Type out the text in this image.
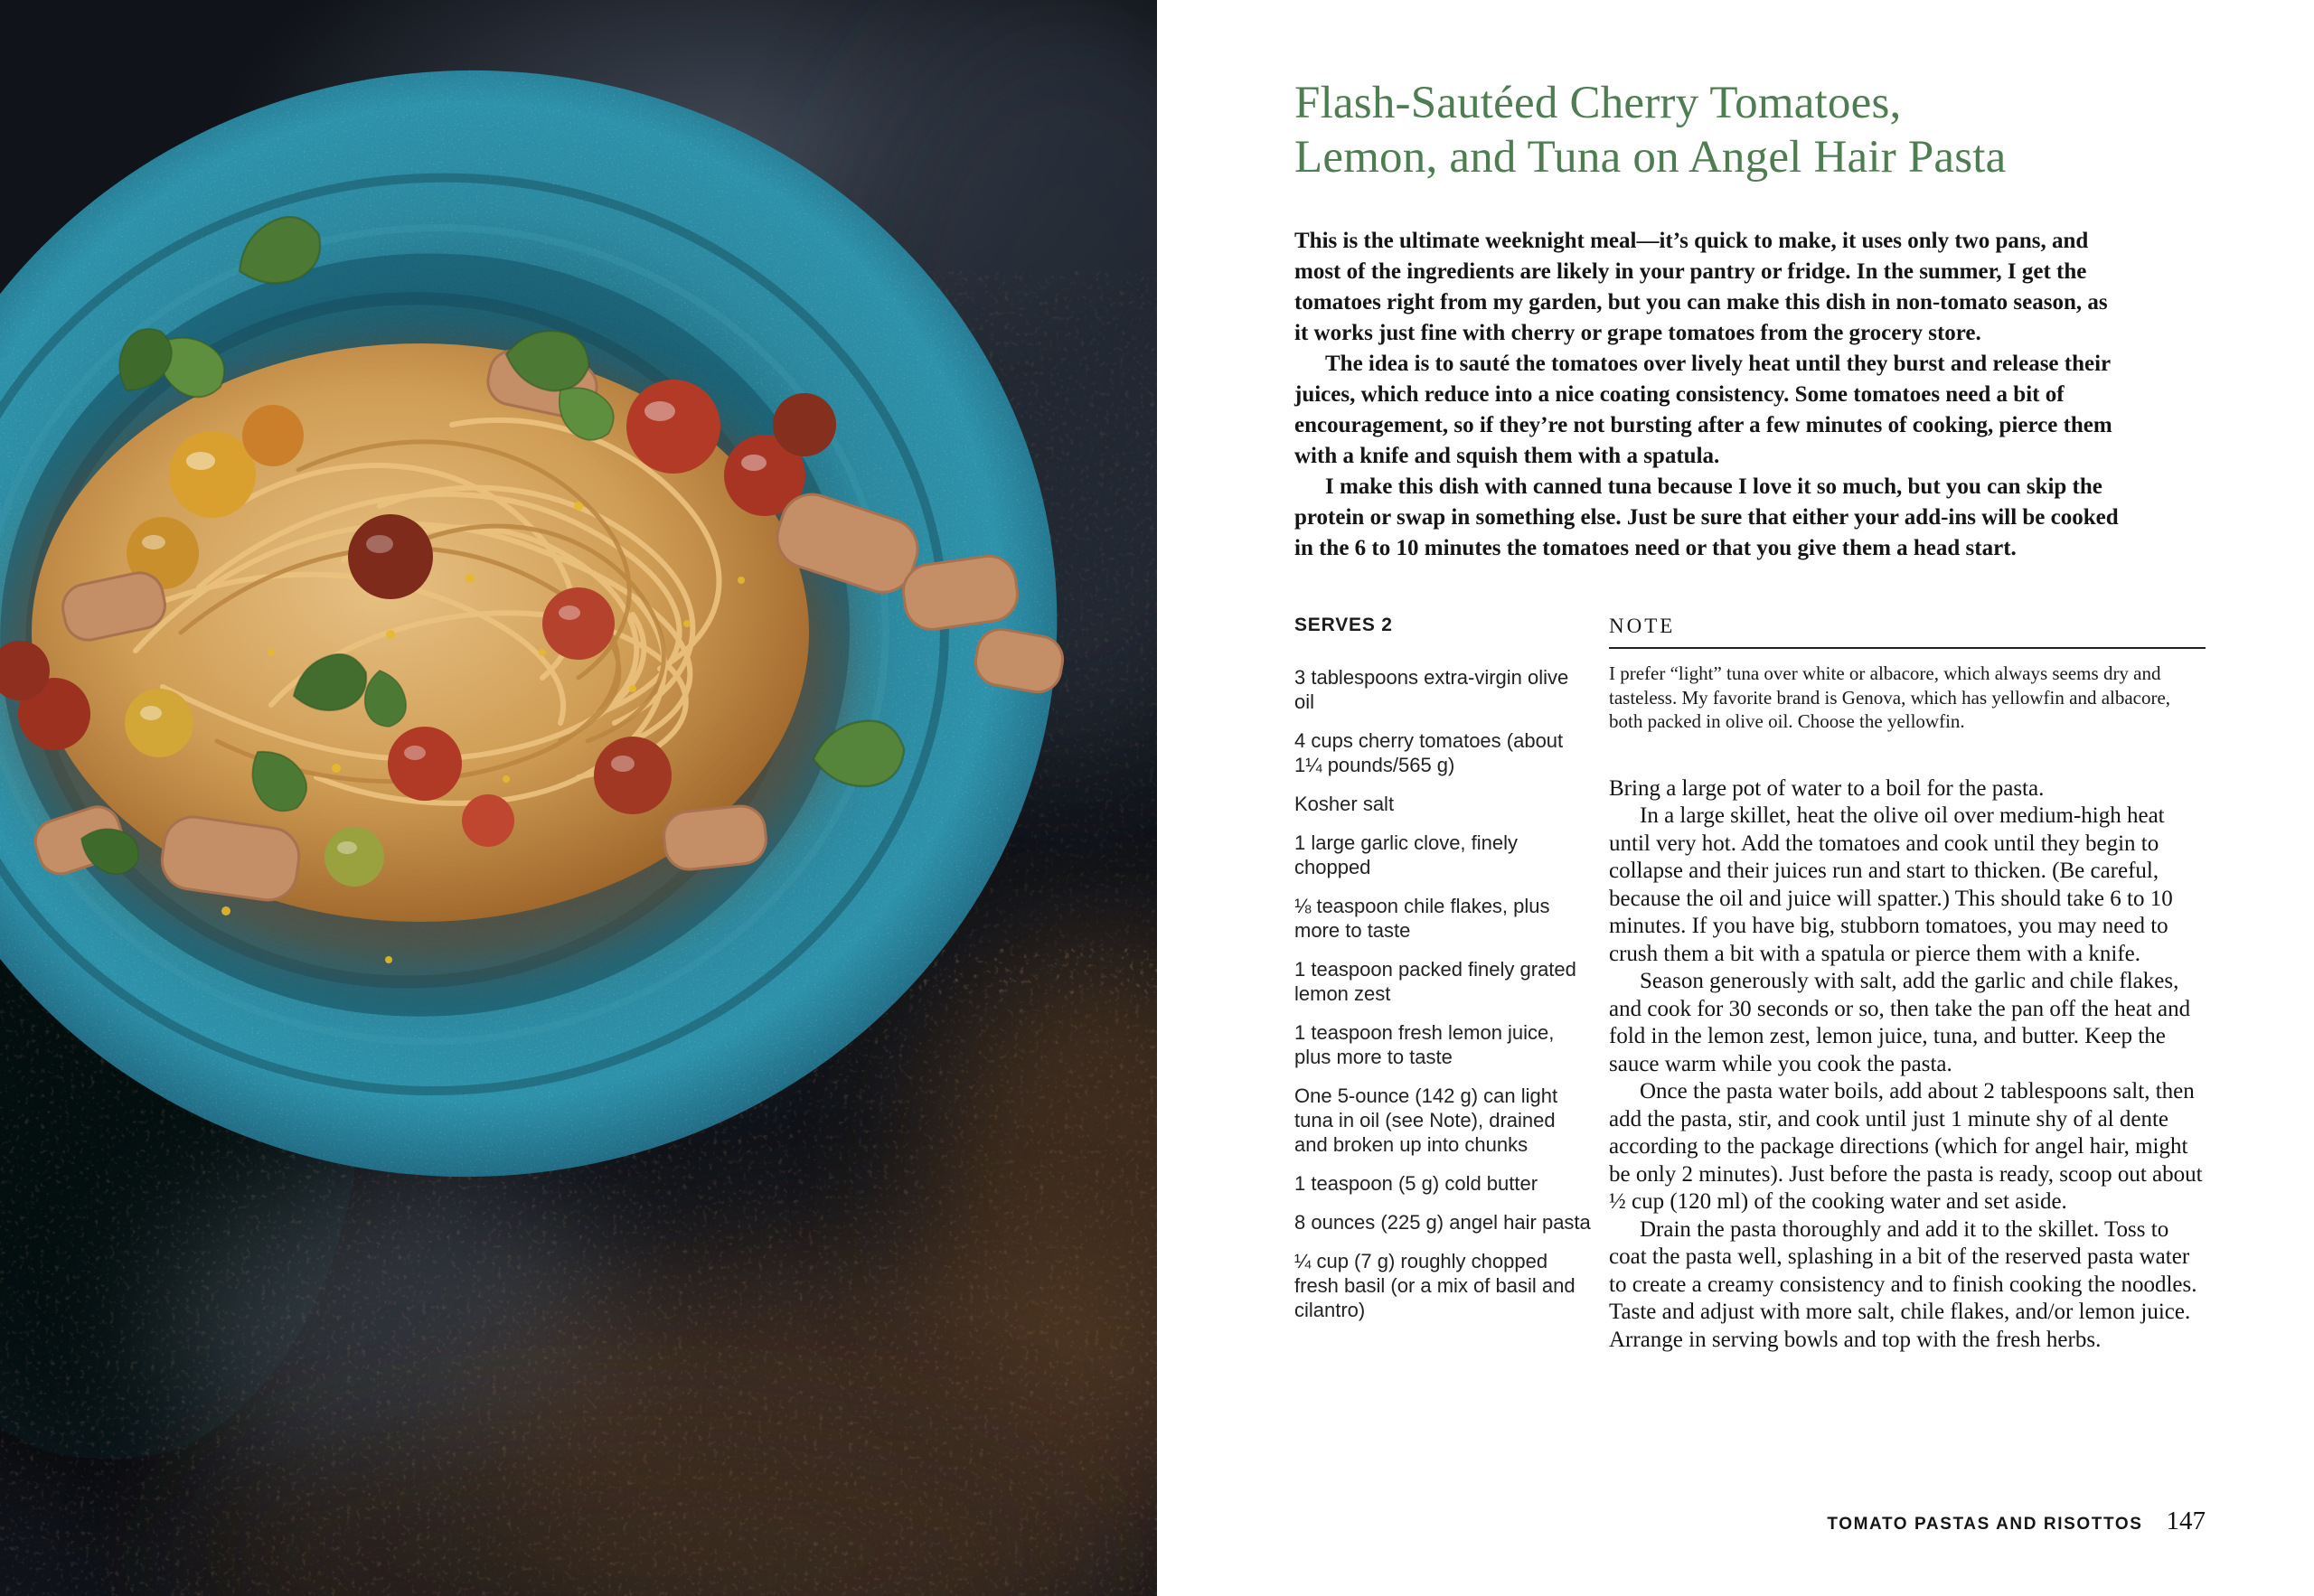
Flash-Sautéed Cherry Tomatoes,
Lemon, and Tuna on Angel Hair Pasta

This is the ultimate weeknight meal—it’s quick to make, it uses only two pans, and most of the ingredients are likely in your pantry or fridge. In the summer, I get the tomatoes right from my garden, but you can make this dish in non-tomato season, as it works just fine with cherry or grape tomatoes from the grocery store.

The idea is to sauté the tomatoes over lively heat until they burst and release their juices, which reduce into a nice coating consistency. Some tomatoes need a bit of encouragement, so if they’re not bursting after a few minutes of cooking, pierce them with a knife and squish them with a spatula.

I make this dish with canned tuna because I love it so much, but you can skip the protein or swap in something else. Just be sure that either your add-ins will be cooked in the 6 to 10 minutes the tomatoes need or that you give them a head start.

SERVES 2

3 tablespoons extra-virgin olive oil

4 cups cherry tomatoes (about 1¼ pounds/565 g)

Kosher salt

1 large garlic clove, finely chopped

⅛ teaspoon chile flakes, plus more to taste

1 teaspoon packed finely grated lemon zest

1 teaspoon fresh lemon juice, plus more to taste

One 5-ounce (142 g) can light tuna in oil (see Note), drained and broken up into chunks

1 teaspoon (5 g) cold butter

8 ounces (225 g) angel hair pasta

¼ cup (7 g) roughly chopped fresh basil (or a mix of basil and cilantro)

NOTE

I prefer “light” tuna over white or albacore, which always seems dry and tasteless. My favorite brand is Genova, which has yellowfin and albacore, both packed in olive oil. Choose the yellowfin.

Bring a large pot of water to a boil for the pasta.

In a large skillet, heat the olive oil over medium-high heat until very hot. Add the tomatoes and cook until they begin to collapse and their juices run and start to thicken. (Be careful, because the oil and juice will spatter.) This should take 6 to 10 minutes. If you have big, stubborn tomatoes, you may need to crush them a bit with a spatula or pierce them with a knife.

Season generously with salt, add the garlic and chile flakes, and cook for 30 seconds or so, then take the pan off the heat and fold in the lemon zest, lemon juice, tuna, and butter. Keep the sauce warm while you cook the pasta.

Once the pasta water boils, add about 2 tablespoons salt, then add the pasta, stir, and cook until just 1 minute shy of al dente according to the package directions (which for angel hair, might be only 2 minutes). Just before the pasta is ready, scoop out about ½ cup (120 ml) of the cooking water and set aside.

Drain the pasta thoroughly and add it to the skillet. Toss to coat the pasta well, splashing in a bit of the reserved pasta water to create a creamy consistency and to finish cooking the noodles. Taste and adjust with more salt, chile flakes, and/or lemon juice. Arrange in serving bowls and top with the fresh herbs.

TOMATO PASTAS AND RISOTTOS 147
